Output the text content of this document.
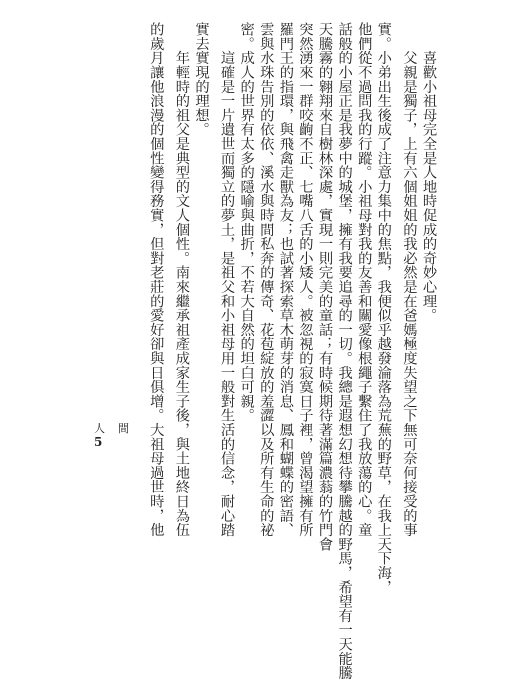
　　喜歡小祖母完全是人地時促成的奇妙心理。
　　父親是獨子，上有六個姐姐的我必然是在爸媽極度失望之下無可奈何接受的事
實。小弟出生後成了注意力集中的焦點，我便似乎越發淪落為荒蕪的野草，在我上天下海，
他們從不過問我的行蹤。小祖母對我的友善和關愛像根繩子繫住了我放蕩的心。童
話般的小屋正是我夢中的城堡，擁有我要追尋的一切。我總是遐想幻想待攀騰越的野馬，希望有一天能騰
天騰霧的翱翔來自樹林深處，實現一則完美的童話；有時候期待著滿篇濃蓊的竹門會
突然湧來一群咬齣不正、七嘴八舌的小矮人。被忽視的寂寞日子裡，曾渴望擁有所
羅門王的指環，與飛禽走獸為友；也試著探索草木萌芽的消息、鳳和蝴蝶的密語、
雲與水珠告別的依依、溪水與時間私奔的傳奇、花苞綻放的羞澀以及所有生命的祕
密。成人的世界有太多的隱喻與曲折，不若大自然的坦白可親。
　　這確是一片遺世而獨立的夢土，是祖父和小祖母用一般對生活的信念，耐心踏
實去實現的理想。
　　年輕時的祖父是典型的文人個性。南來繼承祖產成家生子後，與土地終日為伍
的歲月讓他浪漫的個性變得務實，但對老莊的愛好卻與日俱增。大祖母過世時，他
人　間
5
